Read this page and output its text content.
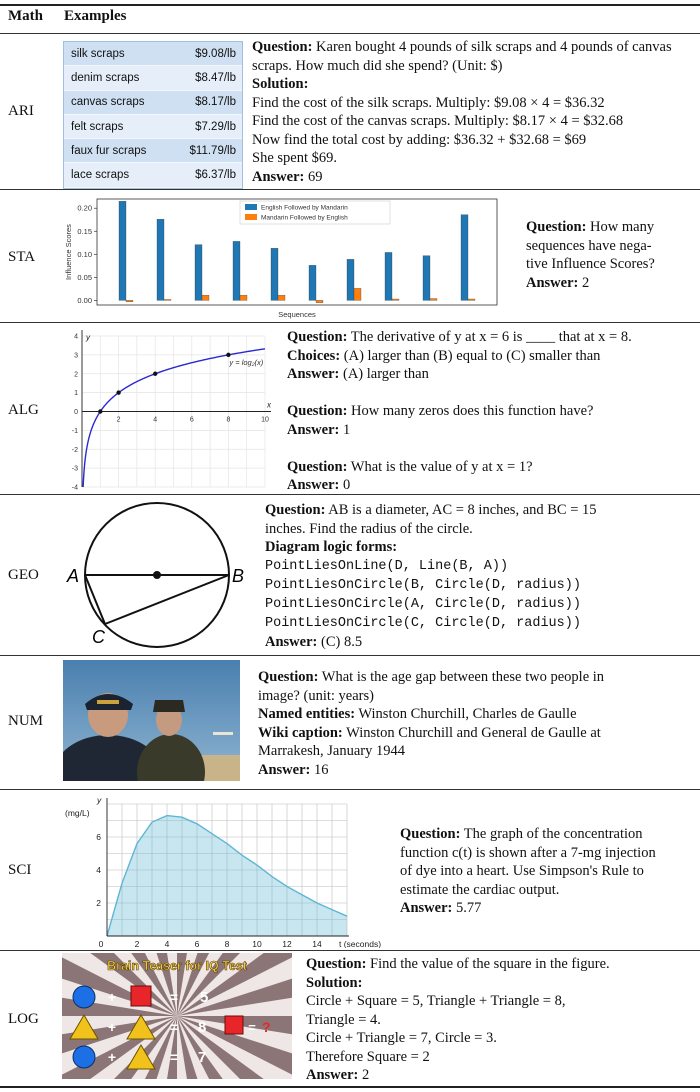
Math Examples
ARI
silk scraps	$9.08/lb
denim scraps	$8.47/lb
canvas scraps	$8.17/lb
felt scraps	$7.29/lb
faux fur scraps	$11.79/lb
lace scraps	$6.37/lb
Question: Karen bought 4 pounds of silk scraps and 4 pounds of canvas scraps. How much did she spend? (Unit: $)
Solution:
Find the cost of the silk scraps. Multiply: $9.08 × 4 = $36.32
Find the cost of the canvas scraps. Multiply: $8.17 × 4 = $32.68
Now find the total cost by adding: $36.32 + $32.68 = $69
She spent $69.
Answer: 69
STA
0.00
0.05
0.10
0.15
0.20
Influence Scores
Sequences
English Followed by Mandarin
Mandarin Followed by English
Question: How many
sequences have nega-
tive Influence Scores?
Answer: 2
ALG	x
y
2	4	6	8	10
-4
-3
-2
-1
0
1
2
3
4
y = log₂(x)
Question: The derivative of y at x = 6 is ____ that at x = 8.
Choices: (A) larger than (B) equal to (C) smaller than
Answer: (A) larger than
Question: How many zeros does this function have?
Answer: 1
Question: What is the value of y at x = 1?
Answer: 0
GEO A	B
C
Question: AB is a diameter, AC = 8 inches, and BC = 15
inches. Find the radius of the circle.
Diagram logic forms:
PointLiesOnLine(D, Line(B, A))
PointLiesOnCircle(B, Circle(D, radius))
PointLiesOnCircle(A, Circle(D, radius))
PointLiesOnCircle(C, Circle(D, radius))
Answer: (C) 8.5
NUM
Question: What is the age gap between these two people in
image? (unit: years)
Named entities: Winston Churchill, Charles de Gaulle
Wiki caption: Winston Churchill and General de Gaulle at
Marrakesh, January 1944
Answer: 16
SCI
0	2	4	6	8	10 12 14
2
4
6
t (seconds)
(mg/L)
y
Question: The graph of the concentration
function c(t) is shown after a 7-mg injection
of dye into a heart. Use Simpson's Rule to
estimate the cardiac output.
Answer: 5.77
LOG
Brain Teaser for IQ Test
+	= 5
+	= 8	= ?
+	= 7
Question: Find the value of the square in the figure.
Solution:
Circle + Square = 5, Triangle + Triangle = 8,
Triangle = 4.
Circle + Triangle = 7, Circle = 3.
Therefore Square = 2
Answer: 2
